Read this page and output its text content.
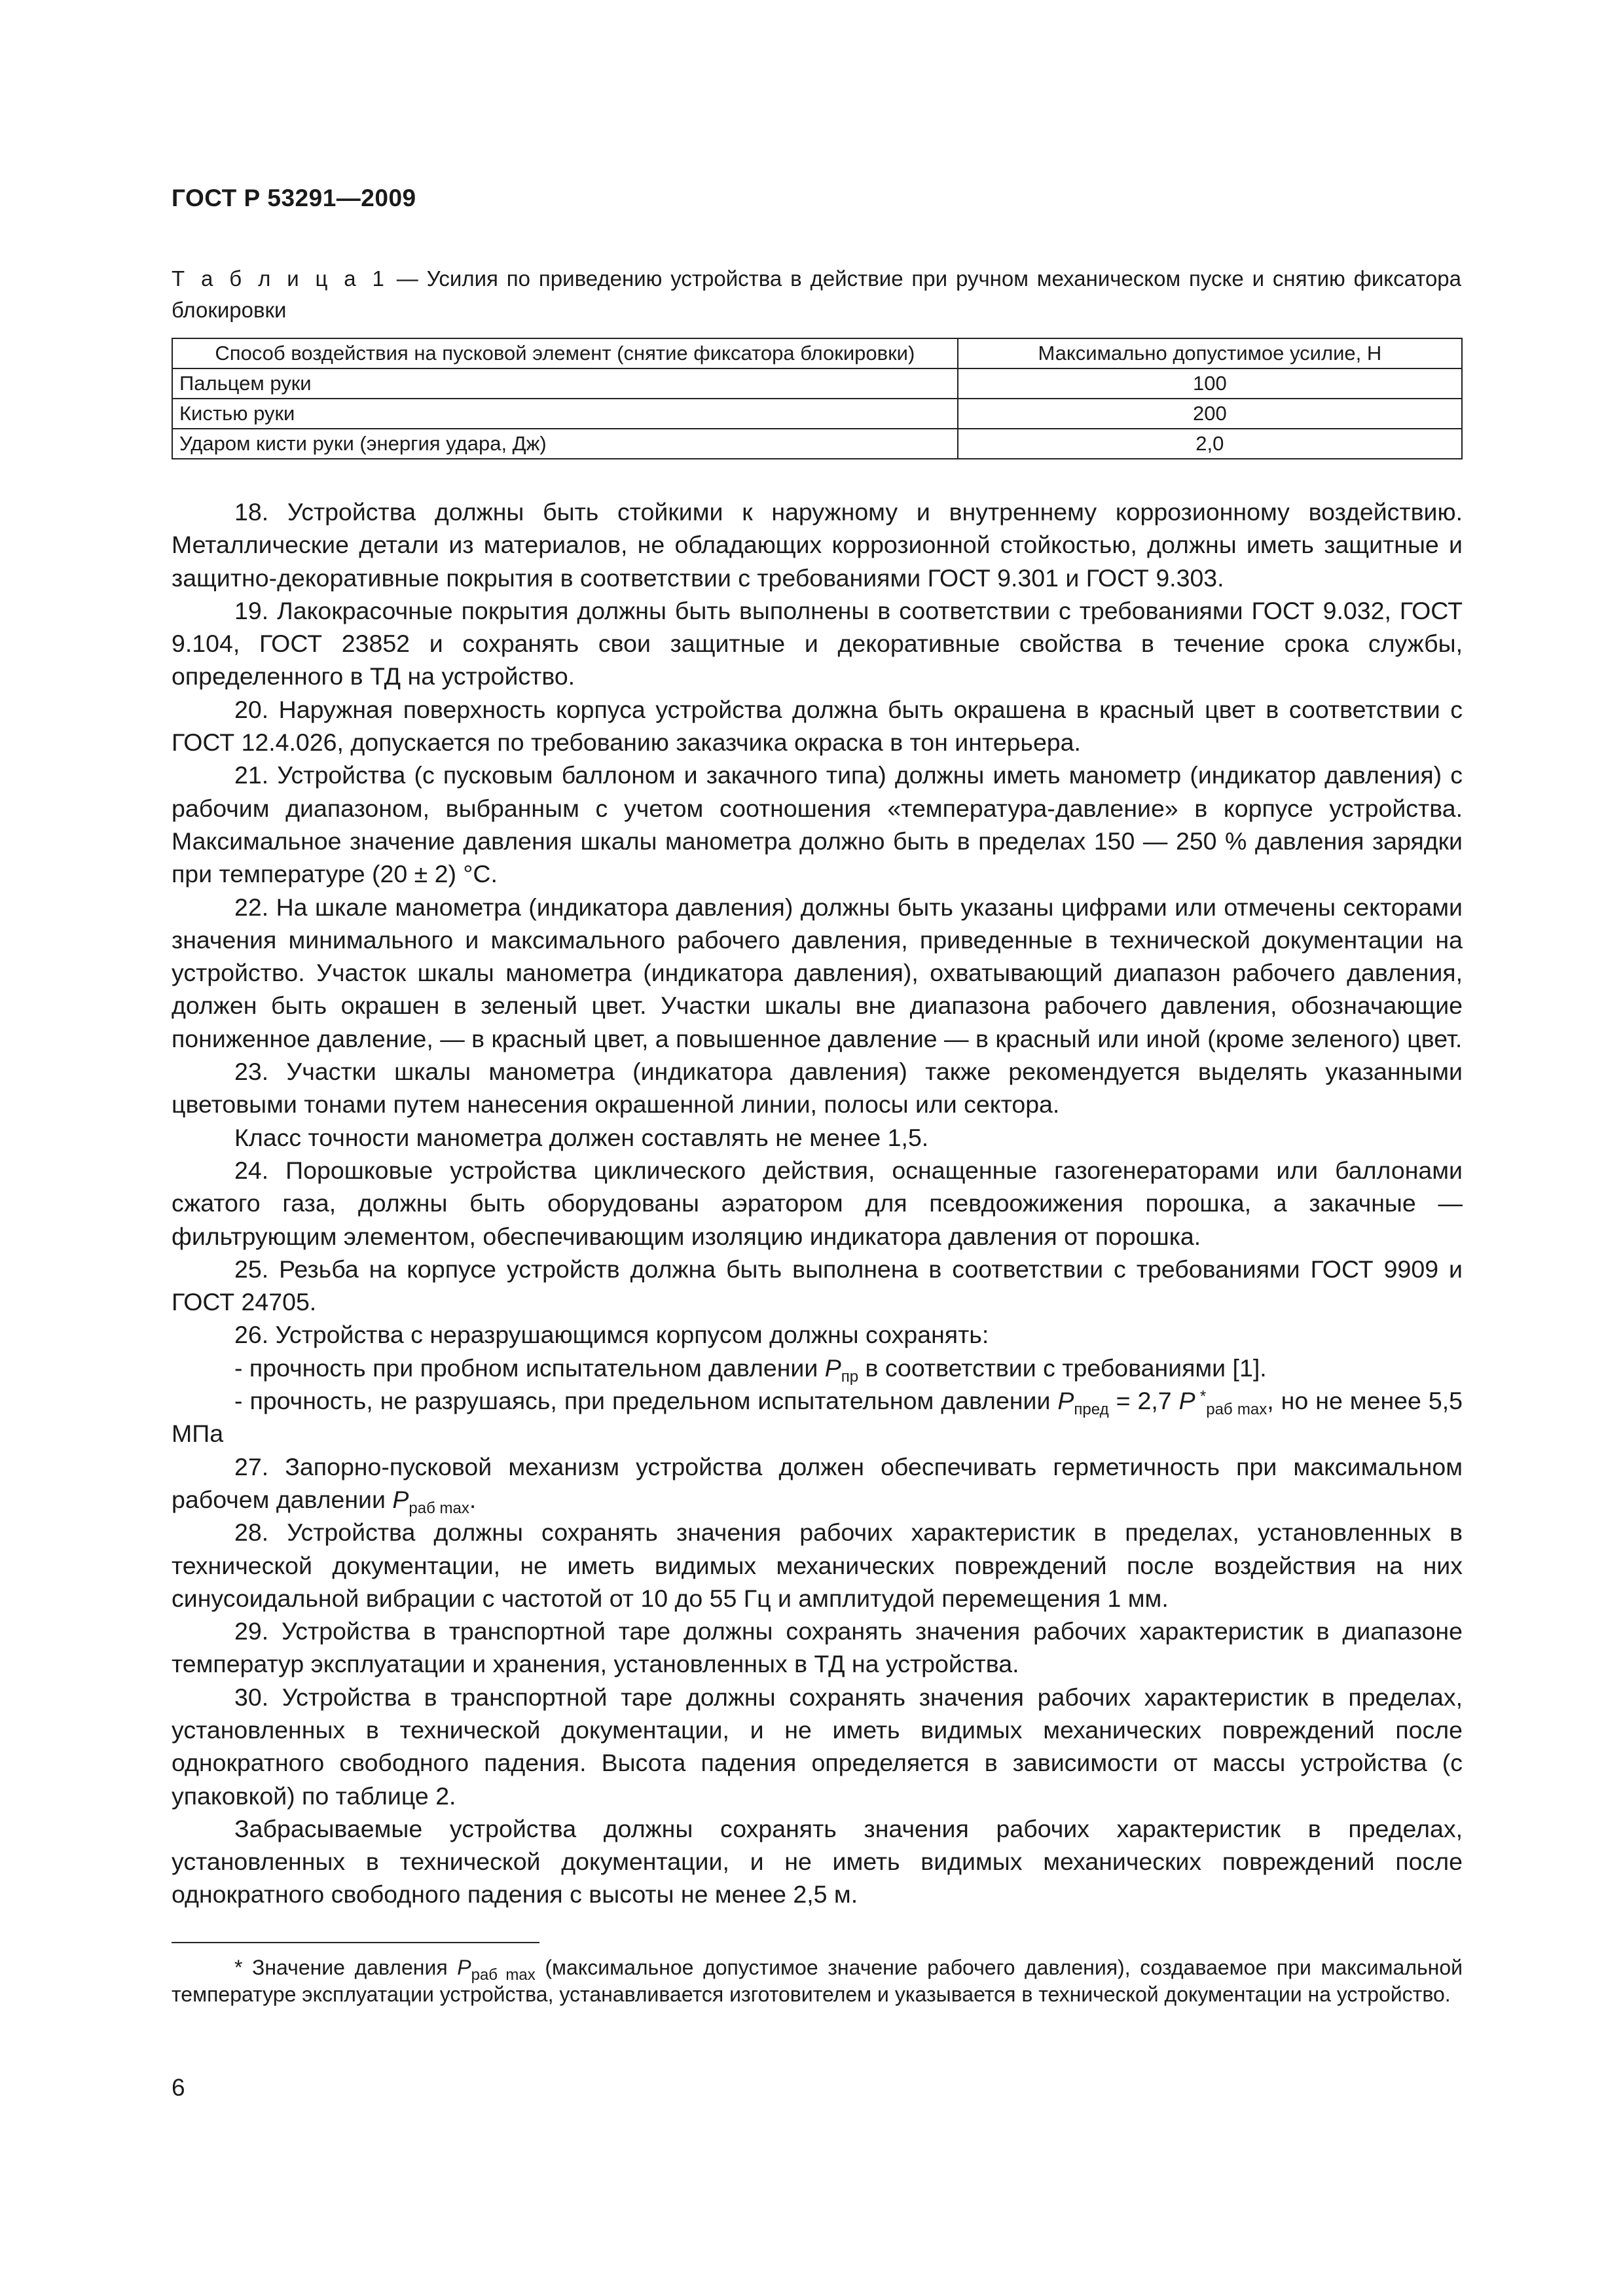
ГОСТ Р 53291—2009
Т а б л и ц а 1 — Усилия по приведению устройства в действие при ручном механическом пуске и снятию фиксатора блокировки
Способ воздействия на пусковой элемент (снятие фиксатора блокировки)	Максимально допустимое усилие, Н
Пальцем руки	100
Кистью руки	200
Ударом кисти руки (энергия удара, Дж)	2,0

18. Устройства должны быть стойкими к наружному и внутреннему коррозионному воздействию. Металлические детали из материалов, не обладающих коррозионной стойкостью, должны иметь защитные и защитно-декоративные покрытия в соответствии с требованиями ГОСТ 9.301 и ГОСТ 9.303.

19. Лакокрасочные покрытия должны быть выполнены в соответствии с требованиями ГОСТ 9.032, ГОСТ 9.104, ГОСТ 23852 и сохранять свои защитные и декоративные свойства в течение срока службы, определенного в ТД на устройство.

20. Наружная поверхность корпуса устройства должна быть окрашена в красный цвет в соответствии с ГОСТ 12.4.026, допускается по требованию заказчика окраска в тон интерьера.

21. Устройства (с пусковым баллоном и закачного типа) должны иметь манометр (индикатор давления) с рабочим диапазоном, выбранным с учетом соотношения «температура-давление» в корпусе устройства. Максимальное значение давления шкалы манометра должно быть в пределах 150 — 250 % давления зарядки при температуре (20 ± 2) °С.

22. На шкале манометра (индикатора давления) должны быть указаны цифрами или отмечены секторами значения минимального и максимального рабочего давления, приведенные в технической документации на устройство. Участок шкалы манометра (индикатора давления), охватывающий диапазон рабочего давления, должен быть окрашен в зеленый цвет. Участки шкалы вне диапазона рабочего давления, обозначающие пониженное давление, — в красный цвет, а повышенное давление — в красный или иной (кроме зеленого) цвет.

23. Участки шкалы манометра (индикатора давления) также рекомендуется выделять указанными цветовыми тонами путем нанесения окрашенной линии, полосы или сектора.

Класс точности манометра должен составлять не менее 1,5.

24. Порошковые устройства циклического действия, оснащенные газогенераторами или баллонами сжатого газа, должны быть оборудованы аэратором для псевдоожижения порошка, а закачные — фильтрующим элементом, обеспечивающим изоляцию индикатора давления от порошка.

25. Резьба на корпусе устройств должна быть выполнена в соответствии с требованиями ГОСТ 9909 и ГОСТ 24705.

26. Устройства с неразрушающимся корпусом должны сохранять:

- прочность при пробном испытательном давлении $P_{пр}$ в соответствии с требованиями [1].

- прочность, не разрушаясь, при предельном испытательном давлении $P_{пред} = 2,7$ P *$_{раб max}$, но не менее 5,5 МПа

27. Запорно-пусковой механизм устройства должен обеспечивать герметичность при максимальном рабочем давлении $P_{раб max}$.

28. Устройства должны сохранять значения рабочих характеристик в пределах, установленных в технической документации, не иметь видимых механических повреждений после воздействия на них синусоидальной вибрации с частотой от 10 до 55 Гц и амплитудой перемещения 1 мм.

29. Устройства в транспортной таре должны сохранять значения рабочих характеристик в диапазоне температур эксплуатации и хранения, установленных в ТД на устройства.

30. Устройства в транспортной таре должны сохранять значения рабочих характеристик в пределах, установленных в технической документации, и не иметь видимых механических повреждений после однократного свободного падения. Высота падения определяется в зависимости от массы устройства (с упаковкой) по таблице 2.

Забрасываемые устройства должны сохранять значения рабочих характеристик в пределах, установленных в технической документации, и не иметь видимых механических повреждений после однократного свободного падения с высоты не менее 2,5 м.

* Значение давления $P_{раб max}$ (максимальное допустимое значение рабочего давления), создаваемое при максимальной температуре эксплуатации устройства, устанавливается изготовителем и указывается в технической документации на устройство.

6
